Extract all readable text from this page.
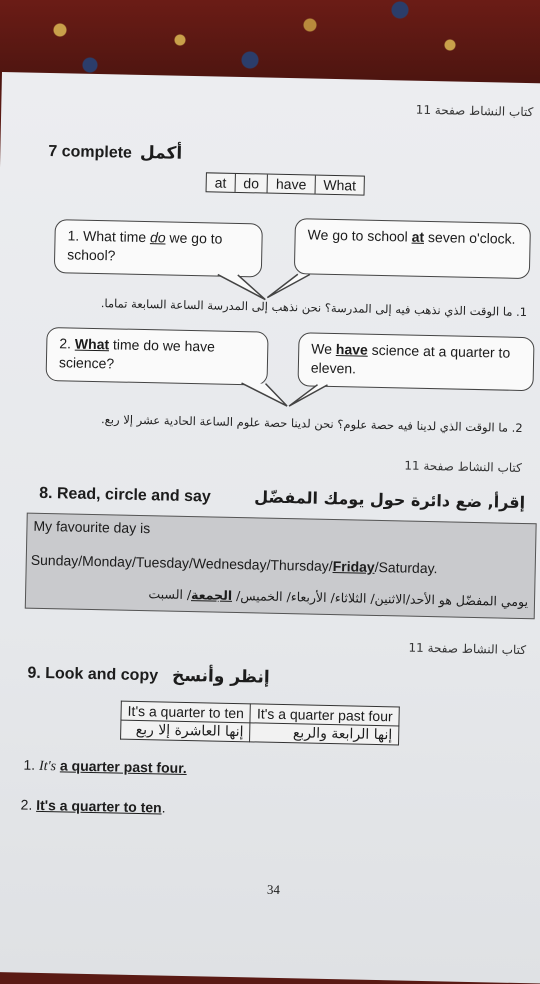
كتاب النشاط صفحة 11
7 complete أكمل
at	do	have	What
1. What time do we go to school?
We go to school at seven o'clock.
1. ما الوقت الذي نذهب فيه إلى المدرسة؟ نحن نذهب إلى المدرسة الساعة السابعة تماما.
2. What time do we have science?
We have science at a quarter to eleven.
2. ما الوقت الذي لدينا فيه حصة علوم؟ نحن لدينا حصة علوم الساعة الحادية عشر إلا ربع.
كتاب النشاط صفحة 11
8. Read, circle and say	إقرأ, ضع دائرة حول يومك المفضّل
My favourite day is
Sunday/Monday/Tuesday/Wednesday/Thursday/Friday/Saturday.
يومي المفضّل هو الأحد/الاثنين/ الثلاثاء/ الأربعاء/ الخميس/ الجمعة/ السبت
كتاب النشاط صفحة 11
9. Look and copy إنظر وأنسخ
It's a quarter to ten	It's a quarter past four
إنها العاشرة إلا ربع	إنها الرابعة والربع
1. It's a quarter past four.
2. It's a quarter to ten.
34
